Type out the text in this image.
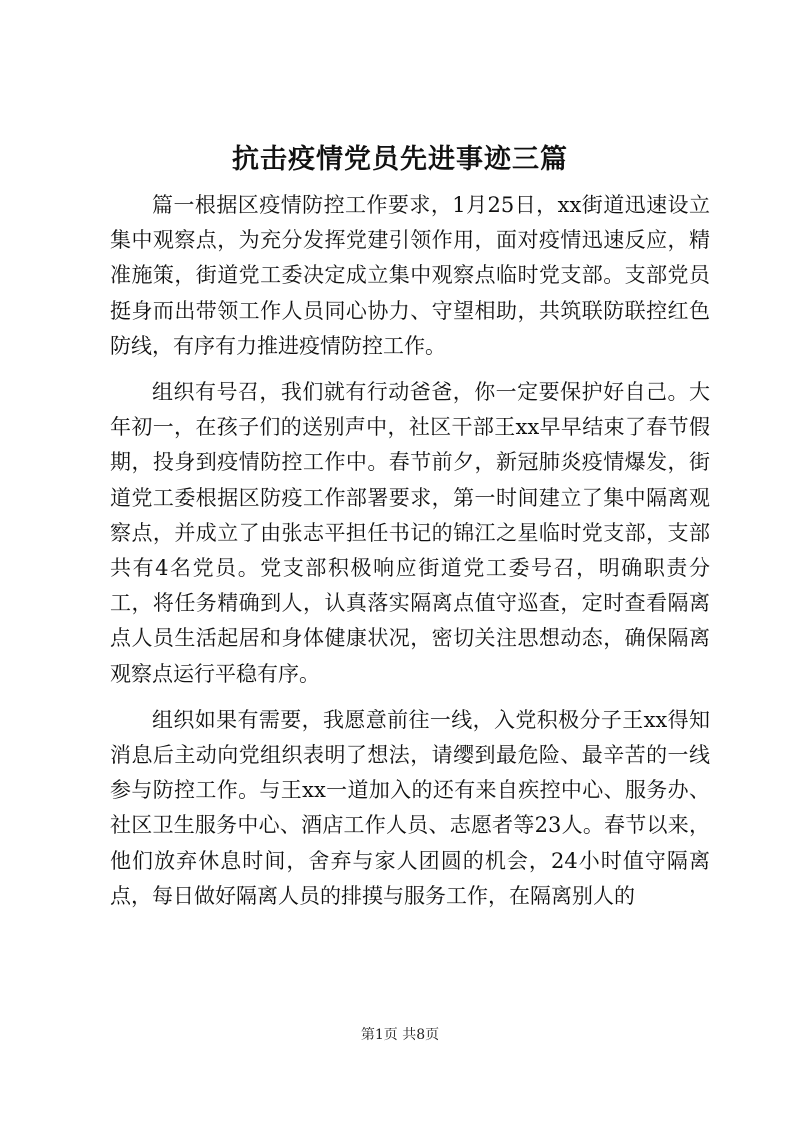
抗击疫情党员先进事迹三篇

篇一根据区疫情防控工作要求，1月25日，xx街道迅速设立集中观察点，为充分发挥党建引领作用，面对疫情迅速反应，精准施策，街道党工委决定成立集中观察点临时党支部。支部党员挺身而出带领工作人员同心协力、守望相助，共筑联防联控红色防线，有序有力推进疫情防控工作。

组织有号召，我们就有行动爸爸，你一定要保护好自己。大年初一，在孩子们的送别声中，社区干部王xx早早结束了春节假期，投身到疫情防控工作中。春节前夕，新冠肺炎疫情爆发，街道党工委根据区防疫工作部署要求，第一时间建立了集中隔离观察点，并成立了由张志平担任书记的锦江之星临时党支部，支部共有4名党员。党支部积极响应街道党工委号召，明确职责分工，将任务精确到人，认真落实隔离点值守巡查，定时查看隔离点人员生活起居和身体健康状况，密切关注思想动态，确保隔离观察点运行平稳有序。

组织如果有需要，我愿意前往一线，入党积极分子王xx得知消息后主动向党组织表明了想法，请缨到最危险、最辛苦的一线参与防控工作。与王xx一道加入的还有来自疾控中心、服务办、社区卫生服务中心、酒店工作人员、志愿者等23人。春节以来，他们放弃休息时间，舍弃与家人团圆的机会，24小时值守隔离点，每日做好隔离人员的排摸与服务工作，在隔离别人的

第1页 共8页
